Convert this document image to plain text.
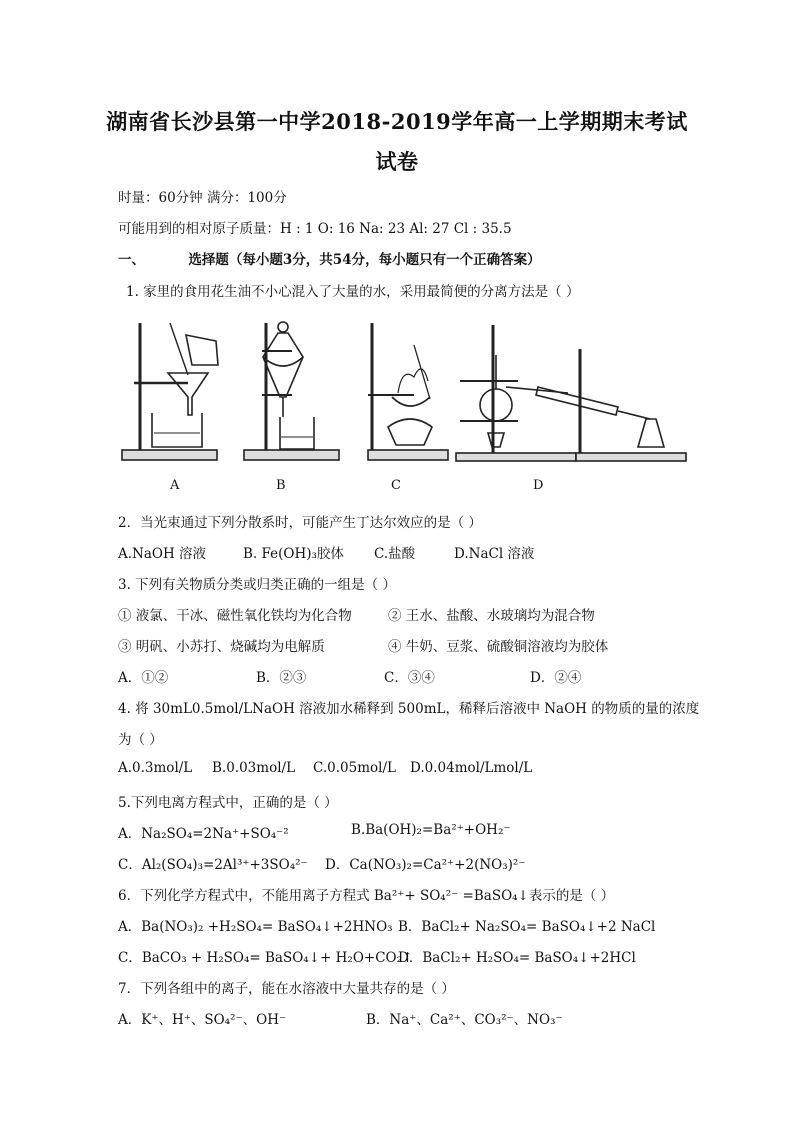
湖南省长沙县第一中学2018-2019学年高一上学期期末考试
试卷
时量：60分钟 满分：100分
可能用到的相对原子质量：H : 1 O: 16 Na: 23 Al: 27 Cl : 35.5
一、	选择题（每小题3分，共54分，每小题只有一个正确答案）
1. 家里的食用花生油不小心混入了大量的水，采用最简便的分离方法是（ ）
A	B	C	D
2．当光束通过下列分散系时，可能产生丁达尔效应的是（ ）
A.NaOH 溶液	B. Fe(OH)₃胶体 C.盐酸	D.NaCl 溶液
3. 下列有关物质分类或归类正确的一组是（ ）
① 液氯、干冰、磁性氧化铁均为化合物	② 王水、盐酸、水玻璃均为混合物
③ 明矾、小苏打、烧碱均为电解质	④ 牛奶、豆浆、硫酸铜溶液均为胶体
A．①②	B．②③	C．③④	D．②④
4. 将 30mL0.5mol/LNaOH 溶液加水稀释到 500mL，稀释后溶液中 NaOH 的物质的量的浓度
为（ ）
A.0.3mol/L B.0.03mol/L C.0.05mol/L D.0.04mol/Lmol/L
5.下列电离方程式中，正确的是（ ）
A．Na₂SO₄=2Na⁺+SO₄⁻²	B.Ba(OH)₂=Ba²⁺+OH₂⁻
C．Al₂(SO₄)₃=2Al³⁺+3SO₄²⁻ D．Ca(NO₃)₂=Ca²⁺+2(NO₃)²⁻
6．下列化学方程式中，不能用离子方程式 Ba²⁺+ SO₄²⁻ =BaSO₄↓表示的是（ ）
A．Ba(NO₃)₂ +H₂SO₄= BaSO₄↓+2HNO₃ B．BaCl₂+ Na₂SO₄= BaSO₄↓+2 NaCl
C．BaCO₃ + H₂SO₄= BaSO₄↓+ H₂O+CO₂↑
D．BaCl₂+ H₂SO₄= BaSO₄↓+2HCl
7．下列各组中的离子，能在水溶液中大量共存的是（ ）
A．K⁺、H⁺、SO₄²⁻、OH⁻	B．Na⁺、Ca²⁺、CO₃²⁻、NO₃⁻
